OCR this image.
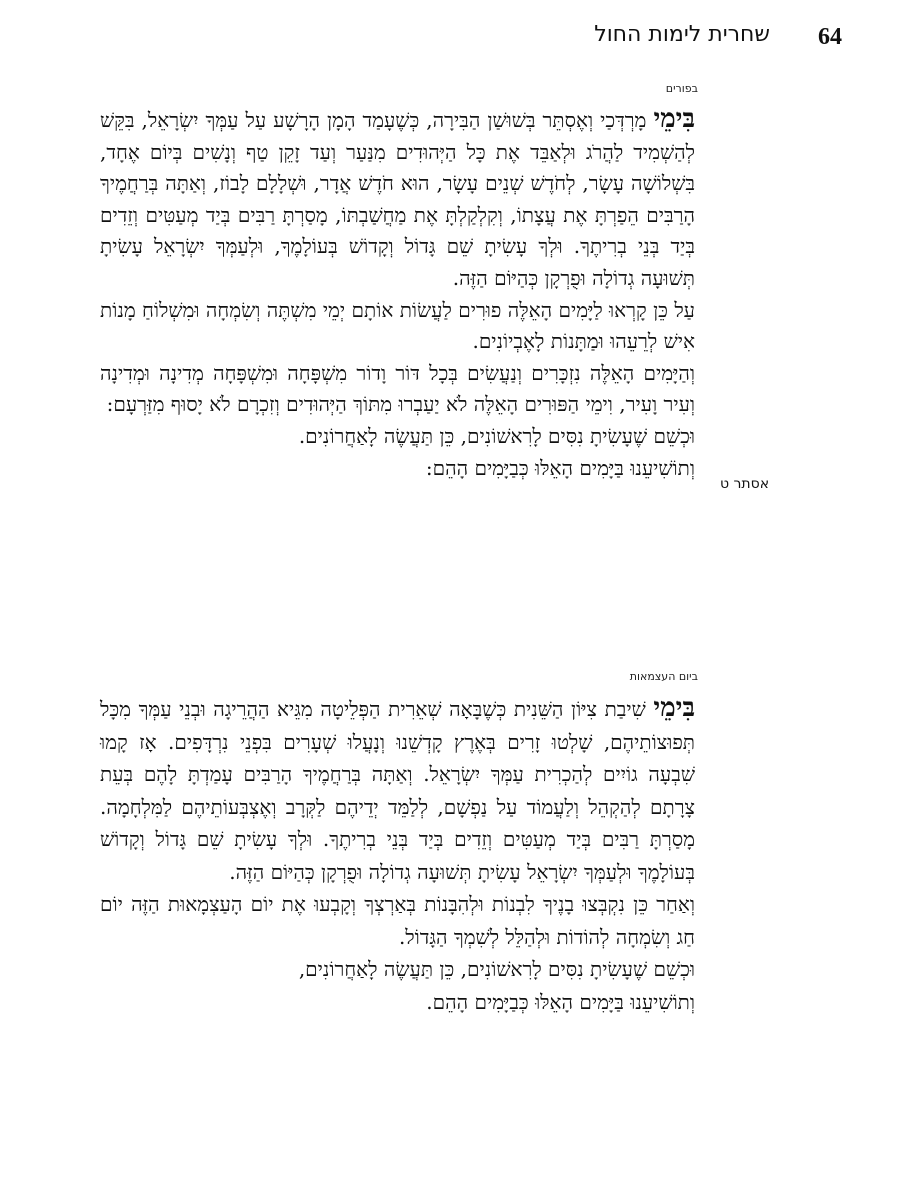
שחרית לימות החול 64
בפורים

בִּימֵי מָרְדְּכַי וְאֶסְתֵּר בְּשׁוּשַׁן הַבִּירָה, כְּשֶׁעָמַד הָמָן הָרָשָׁע עַל עַמְּךָ יִשְׂרָאֵל, בִּקֵּשׁ לְהַשְׁמִיד לַהֲרֹג וּלְאַבֵּד אֶת כָּל הַיְּהוּדִים מִנַּעַר וְעַד זָקֵן טַף וְנָשִׁים בְּיוֹם אֶחָד, בִּשְׁלוֹשָׁה עָשָׂר, לְחֹדֶשׁ שְׁנֵים עָשָׂר, הוּא חֹדֶשׁ אֲדָר, וּשְׁלָלָם לָבוֹז, וְאַתָּה בְּרַחֲמֶיךָ הָרַבִּים הֵפַרְתָּ אֶת עֲצָתוֹ, וְקִלְקַלְתָּ אֶת מַחֲשַׁבְתּוֹ, מָסַרְתָּ רַבִּים בְּיַד מְעַטִּים וְזֵדִים בְּיַד בְּנֵי בְרִיתֶךָ. וּלְךָ עָשִׂיתָ שֵׁם גָּדוֹל וְקָדוֹשׁ בְּעוֹלָמֶךָ, וּלְעַמְּךָ יִשְׂרָאֵל עָשִׂיתָ תְּשׁוּעָה גְדוֹלָה וּפֻרְקָן כְּהַיּוֹם הַזֶּה.

עַל כֵּן קָרְאוּ לַיָּמִים הָאֵלֶּה פוּרִים לַעֲשׂוֹת אוֹתָם יְמֵי מִשְׁתֶּה וְשִׂמְחָה וּמִשְׁלוֹחַ מָנוֹת אִישׁ לְרֵעֵהוּ וּמַתָּנוֹת לָאֶבְיוֹנִים.

וְהַיָּמִים הָאֵלֶּה נִזְכָּרִים וְנַעֲשִׂים בְּכָל דּוֹר וָדוֹר מִשְׁפָּחָה וּמִשְׁפָּחָה מְדִינָה וּמְדִינָה וְעִיר וָעִיר, וִימֵי הַפּוּרִים הָאֵלֶּה לֹא יַעַבְרוּ מִתּוֹךְ הַיְּהוּדִים וְזִכְרָם לֹא יָסוּף מִזַּרְעָם:

וּכְשֵׁם שֶׁעָשִׂיתָ נִסִּים לָרִאשׁוֹנִים, כֵּן תַּעֲשֶׂה לָאַחֲרוֹנִים.

וְתוֹשִׁיעֵנוּ בַּיָּמִים הָאֵלּוּ כְּבַיָּמִים הָהֵם:

אסתר ט
ביום העצמאות

בִּימֵי שִׁיבַת צִיּוֹן הַשֵּׁנִית כְּשֶׁבָּאָה שְׁאֵרִית הַפְּלֵיטָה מִגֵּיא הַהֲרֵיגָה וּבְנֵי עַמְּךָ מִכָּל תְּפוּצוֹתֵיהֶם, שָׁלְטוּ זָרִים בְּאֶרֶץ קָדְשֵׁנוּ וְנָעֲלוּ שְׁעָרִים בִּפְנֵי נִרְדָּפִים. אָז קָמוּ שִׁבְעָה גוֹיִים לְהַכְרִית עַמְּךָ יִשְׂרָאֵל. וְאַתָּה בְּרַחֲמֶיךָ הָרַבִּים עָמַדְתָּ לָהֶם בְּעֵת צָרָתָם לְהַקְהֵל וְלַעֲמוֹד עַל נַפְשָׁם, לְלַמֵּד יְדֵיהֶם לַקְּרָב וְאֶצְבְּעוֹתֵיהֶם לַמִּלְחָמָה. מָסַרְתָּ רַבִּים בְּיַד מְעַטִּים וְזֵדִים בְּיַד בְּנֵי בְרִיתֶךָ. וּלְךָ עָשִׂיתָ שֵׁם גָּדוֹל וְקָדוֹשׁ בְּעוֹלָמֶךָ וּלְעַמְּךָ יִשְׂרָאֵל עָשִׂיתָ תְּשׁוּעָה גְדוֹלָה וּפֻרְקָן כְּהַיּוֹם הַזֶּה.

וְאַחַר כֵּן נִקְבְּצוּ בָנֶיךָ לִבְנוֹת וּלְהִבָּנוֹת בְּאַרְצְךָ וְקָבְעוּ אֶת יוֹם הָעַצְמָאוּת הַזֶּה יוֹם חַג וְשִׂמְחָה לְהוֹדוֹת וּלְהַלֵּל לְשִׁמְךָ הַגָּדוֹל.

וּכְשֵׁם שֶׁעָשִׂיתָ נִסִּים לָרִאשׁוֹנִים, כֵּן תַּעֲשֶׂה לָאַחֲרוֹנִים,

וְתוֹשִׁיעֵנוּ בַּיָּמִים הָאֵלּוּ כְּבַיָּמִים הָהֵם.
